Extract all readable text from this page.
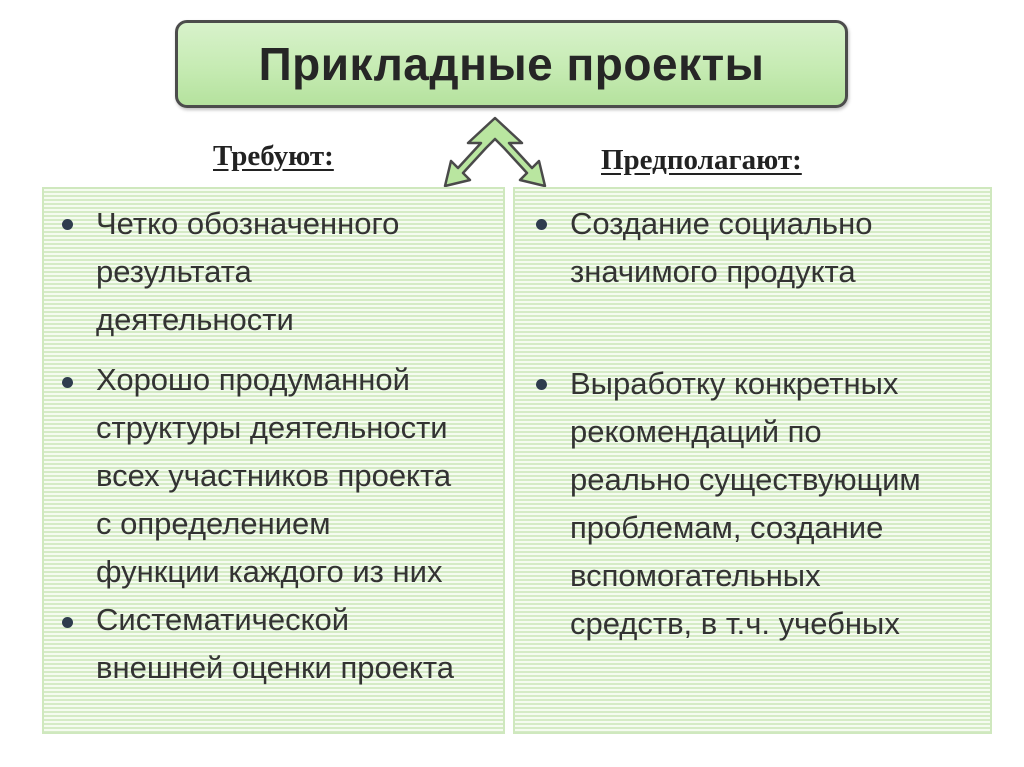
Прикладные проекты
Требуют:	Предполагают:
Четко обозначенного
результата
деятельности
Хорошо продуманной
структуры деятельности
всех участников проекта
с определением
функции каждого из них
Систематической
внешней оценки проекта
Создание социально
значимого продукта
Выработку конкретных
рекомендаций по
реально существующим
проблемам, создание
вспомогательных
средств, в т.ч. учебных
